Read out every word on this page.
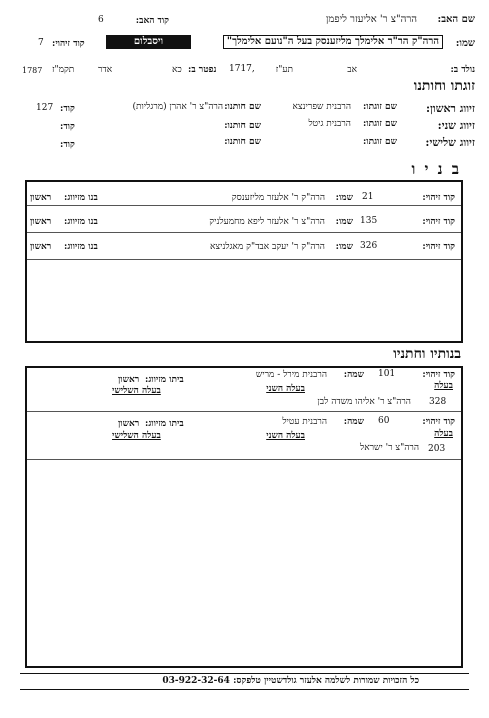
שם האב:
הרה"צ ר' אליעזר ליפמן
קוד האב:
6
שמו:
הרה"ק הר"ר אלימלך מליזענסק בעל ה"נועם אלימלך"
ויסבלום
קוד זיהוי:
7
נולד ב:
אב
תע"ז
1717,
נפטר ב:
כא
אדר
תקמ"ז
1787
זוגתו וחותנו
זיווג ראשון:
שם זוגתו:
הרבנית שפרינצא
שם חותנו:
הרה"צ ר' אהרן (מרגליות)
קוד:
127
זיווג שני:
שם זוגתו:
הרבנית גיטל
שם חותנו:
קוד:
זיווג שלישי:
שם זוגתו:
שם חותנו:
קוד:
ב נ י ו
קוד זיהוי:
21
שמו:
הרה"ק ר' אלעזר מליזענסק
בנו מזיווג:
ראשון
קוד זיהוי:
135
שמו:
הרה"צ ר' אלעזר ליפא מחמעלניק
בנו מזיווג:
ראשון
קוד זיהוי:
326
שמו:
הרה"ק ר' יעקב אבד"ק מאגלניצא
בנו מזיווג:
ראשון
בנותיו וחתניו
קוד זיהוי:
101
שמה:
הרבנית מירל - מריש
ביתו מזיווג:
ראשון
בעלה
בעלה השני
בעלה השלישי
328
הרה"צ ר' אליהו משדה לבן
קוד זיהוי:
60
שמה:
הרבנית עטיל
ביתו מזיווג:
ראשון
בעלה
בעלה השני
בעלה השלישי
203
הרה"צ ר' ישראל
כל הזכויות שמורות לשלמה אלעזר גולדשטיין טלפקס: 03-922-32-64
